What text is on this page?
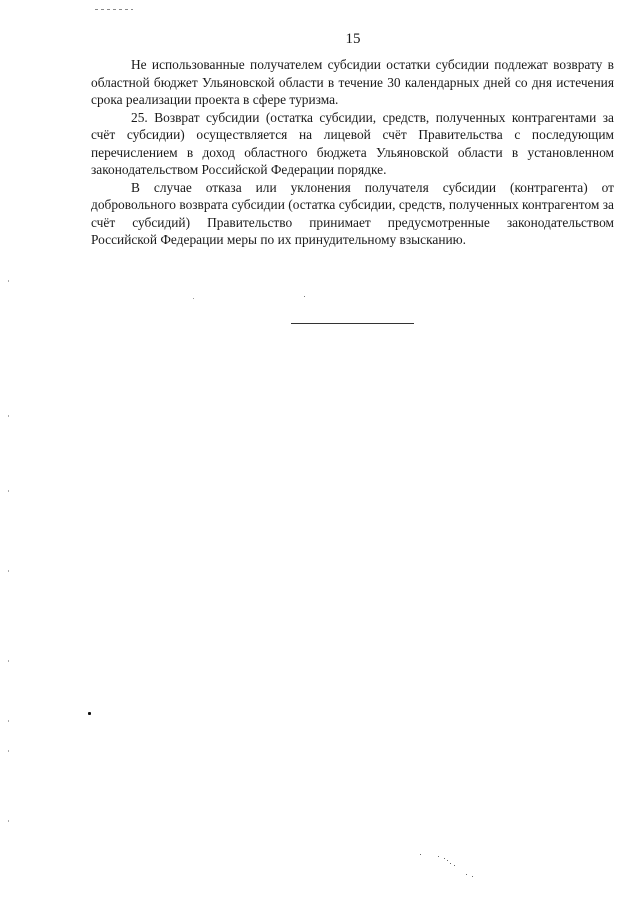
15

Не использованные получателем субсидии остатки субсидии подлежат возврату в областной бюджет Ульяновской области в течение 30 календарных дней со дня истечения срока реализации проекта в сфере туризма.

25. Возврат субсидии (остатка субсидии, средств, полученных контрагентами за счёт субсидии) осуществляется на лицевой счёт Правительства с последующим перечислением в доход областного бюджета Ульяновской области в установленном законодательством Российской Федерации порядке.

В случае отказа или уклонения получателя субсидии (контрагента) от добровольного возврата субсидии (остатка субсидии, средств, полученных контрагентом за счёт субсидий) Правительство принимает предусмотренные законодательством Российской Федерации меры по их принудительному взысканию.
